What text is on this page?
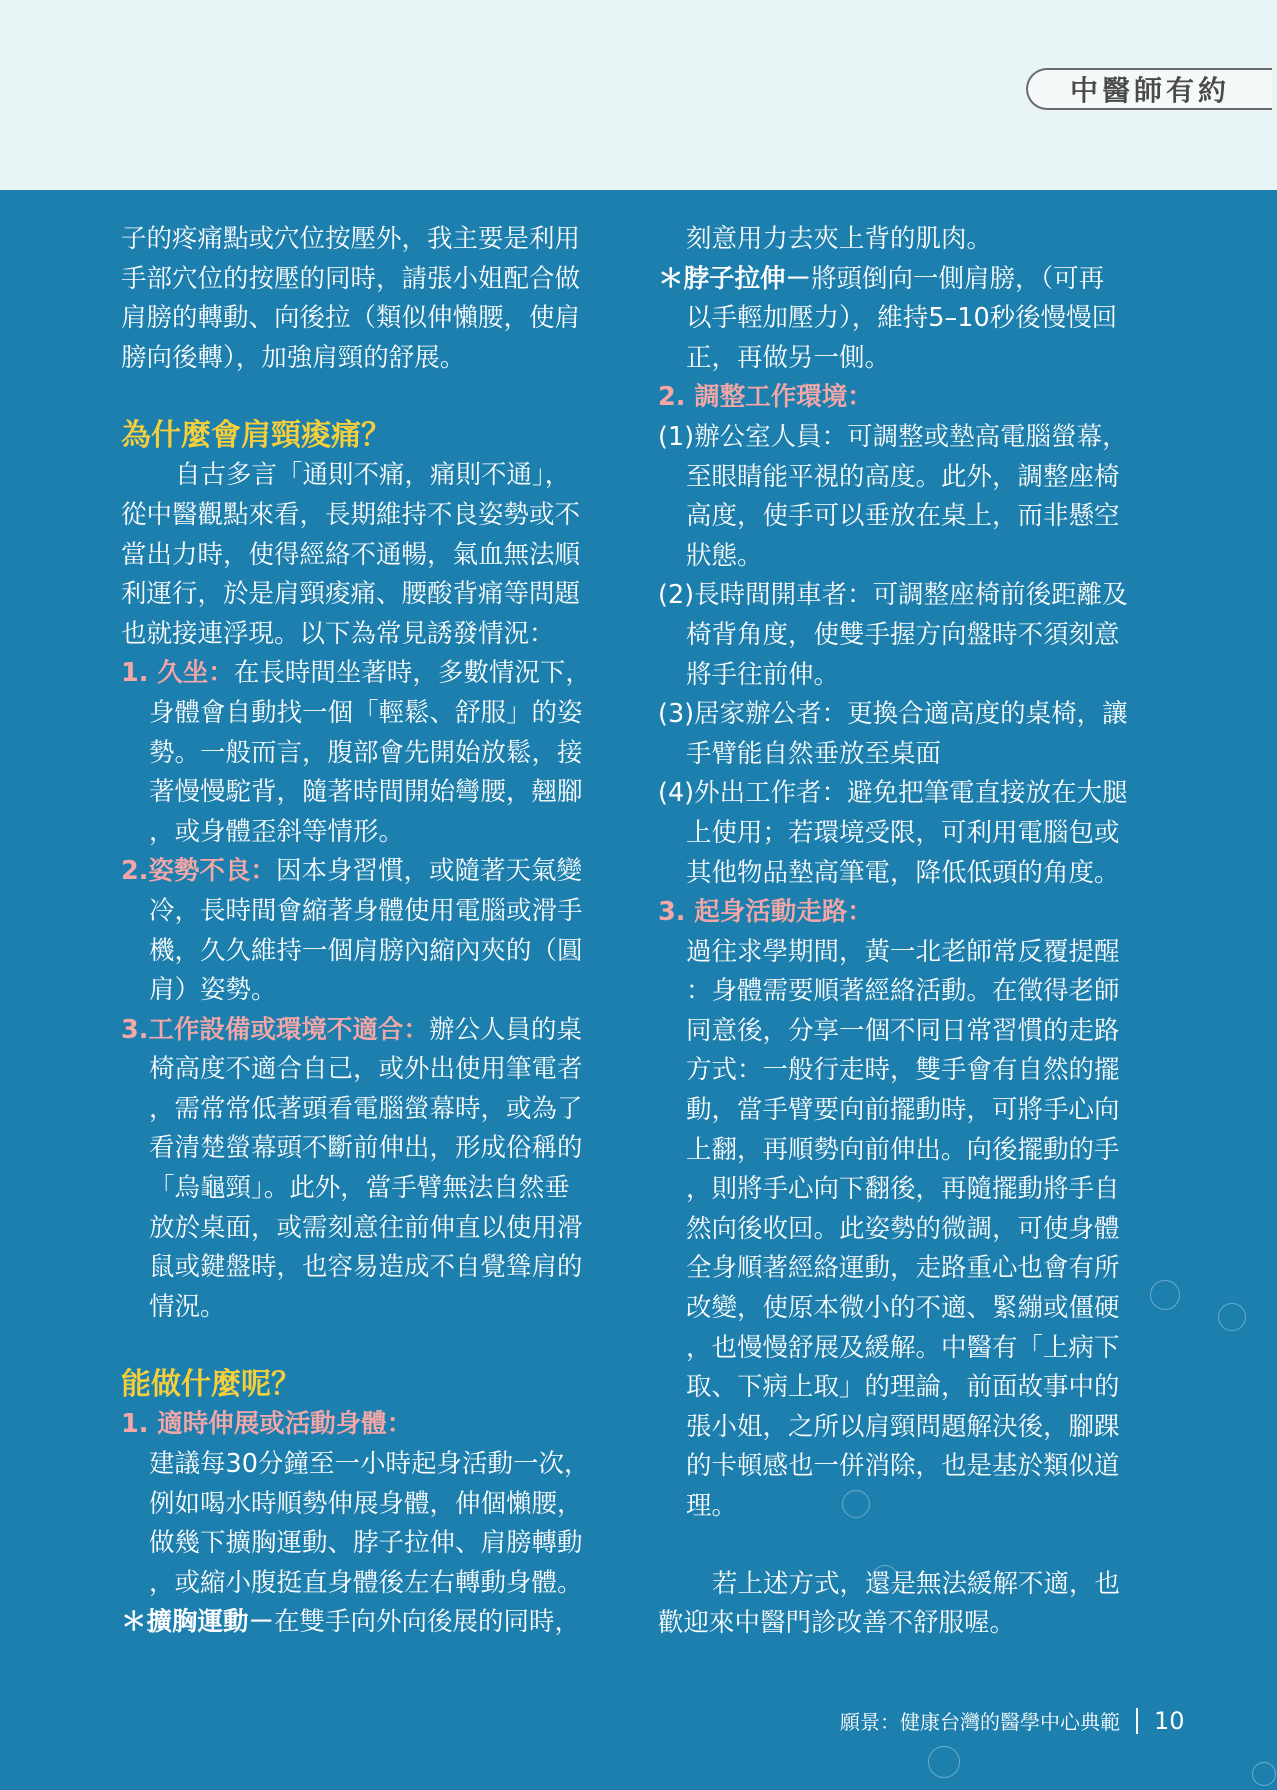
中醫師有約

子的疼痛點或穴位按壓外，我主要是利用

手部穴位的按壓的同時，請張小姐配合做

肩膀的轉動、向後拉（類似伸懶腰，使肩

膀向後轉），加強肩頸的舒展。

為什麼會肩頸痠痛？

自古多言「通則不痛，痛則不通」，

從中醫觀點來看，長期維持不良姿勢或不

當出力時，使得經絡不通暢，氣血無法順

利運行，於是肩頸痠痛、腰酸背痛等問題

也就接連浮現。以下為常見誘發情況：

1. 久坐：在長時間坐著時，多數情況下，

身體會自動找一個「輕鬆、舒服」的姿

勢。一般而言，腹部會先開始放鬆，接

著慢慢駝背，隨著時間開始彎腰，翹腳

，或身體歪斜等情形。

2.姿勢不良：因本身習慣，或隨著天氣變

冷，長時間會縮著身體使用電腦或滑手

機，久久維持一個肩膀內縮內夾的（圓

肩）姿勢。

3.工作設備或環境不適合：辦公人員的桌

椅高度不適合自己，或外出使用筆電者

，需常常低著頭看電腦螢幕時，或為了

看清楚螢幕頭不斷前伸出，形成俗稱的

「烏龜頸」。此外，當手臂無法自然垂

放於桌面，或需刻意往前伸直以使用滑

鼠或鍵盤時，也容易造成不自覺聳肩的

情況。

能做什麼呢？

1. 適時伸展或活動身體：

建議每30分鐘至一小時起身活動一次，

例如喝水時順勢伸展身體，伸個懶腰，

做幾下擴胸運動、脖子拉伸、肩膀轉動

，或縮小腹挺直身體後左右轉動身體。

＊擴胸運動－在雙手向外向後展的同時，

刻意用力去夾上背的肌肉。

＊脖子拉伸－將頭倒向一側肩膀，（可再

以手輕加壓力），維持5–10秒後慢慢回

正，再做另一側。

2. 調整工作環境：

(1)辦公室人員：可調整或墊高電腦螢幕，

至眼睛能平視的高度。此外，調整座椅

高度，使手可以垂放在桌上，而非懸空

狀態。

(2)長時間開車者：可調整座椅前後距離及

椅背角度，使雙手握方向盤時不須刻意

將手往前伸。

(3)居家辦公者：更換合適高度的桌椅，讓

手臂能自然垂放至桌面

(4)外出工作者：避免把筆電直接放在大腿

上使用；若環境受限，可利用電腦包或

其他物品墊高筆電，降低低頭的角度。

3. 起身活動走路：

過往求學期間，黃一北老師常反覆提醒

：身體需要順著經絡活動。在徵得老師

同意後，分享一個不同日常習慣的走路

方式：一般行走時，雙手會有自然的擺

動，當手臂要向前擺動時，可將手心向

上翻，再順勢向前伸出。向後擺動的手

，則將手心向下翻後，再隨擺動將手自

然向後收回。此姿勢的微調，可使身體

全身順著經絡運動，走路重心也會有所

改變，使原本微小的不適、緊繃或僵硬

，也慢慢舒展及緩解。中醫有「上病下

取、下病上取」的理論，前面故事中的

張小姐，之所以肩頸問題解決後，腳踝

的卡頓感也一併消除，也是基於類似道

理。

若上述方式，還是無法緩解不適，也

歡迎來中醫門診改善不舒服喔。

願景：健康台灣的醫學中心典範 10
